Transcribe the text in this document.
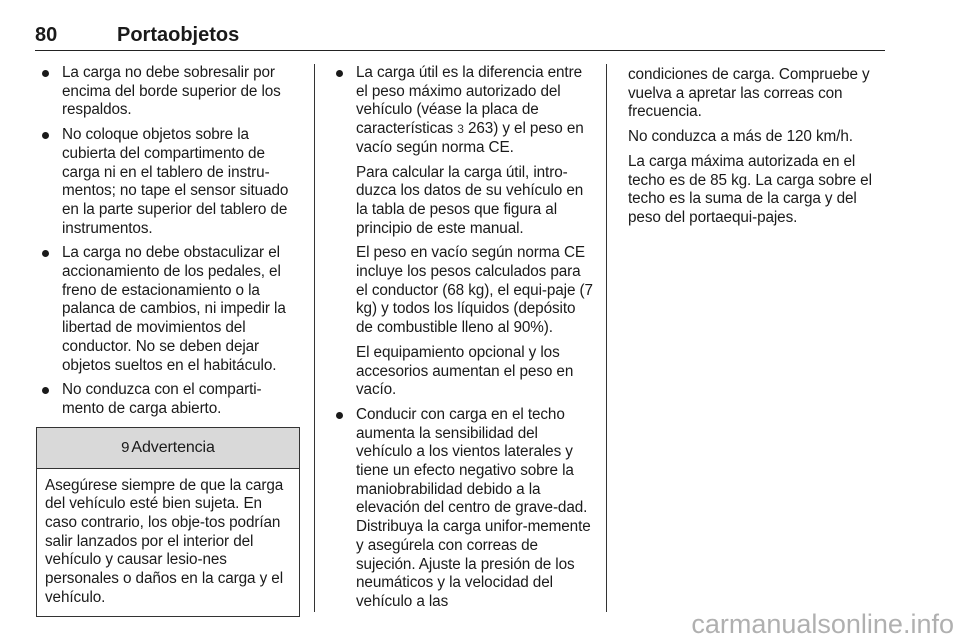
80	Portaobjetos

La carga no debe sobresalir por encima del borde superior de los respaldos.

No coloque objetos sobre la cubierta del compartimento de carga ni en el tablero de instru-mentos; no tape el sensor situado en la parte superior del tablero de instrumentos.

La carga no debe obstaculizar el accionamiento de los pedales, el freno de estacionamiento o la palanca de cambios, ni impedir la libertad de movimientos del conductor. No se deben dejar objetos sueltos en el habitáculo.

No conduzca con el comparti-mento de carga abierto.

9 Advertencia
Asegúrese siempre de que la carga del vehículo esté bien sujeta. En caso contrario, los obje-tos podrían salir lanzados por el interior del vehículo y causar lesio-nes personales o daños en la carga y el vehículo.

La carga útil es la diferencia entre el peso máximo autorizado del vehículo (véase la placa de características 3 263) y el peso en vacío según norma CE.

Para calcular la carga útil, intro-duzca los datos de su vehículo en la tabla de pesos que figura al principio de este manual.

El peso en vacío según norma CE incluye los pesos calculados para el conductor (68 kg), el equi-paje (7 kg) y todos los líquidos (depósito de combustible lleno al 90%).

El equipamiento opcional y los accesorios aumentan el peso en vacío.

Conducir con carga en el techo aumenta la sensibilidad del vehículo a los vientos laterales y tiene un efecto negativo sobre la maniobrabilidad debido a la elevación del centro de grave-dad. Distribuya la carga unifor-memente y asegúrela con correas de sujeción. Ajuste la presión de los neumáticos y la velocidad del vehículo a las

condiciones de carga. Compruebe y vuelva a apretar las correas con frecuencia.

No conduzca a más de 120 km/h.

La carga máxima autorizada en el techo es de 85 kg. La carga sobre el techo es la suma de la carga y del peso del portaequi-pajes.

carmanualsonline.info
